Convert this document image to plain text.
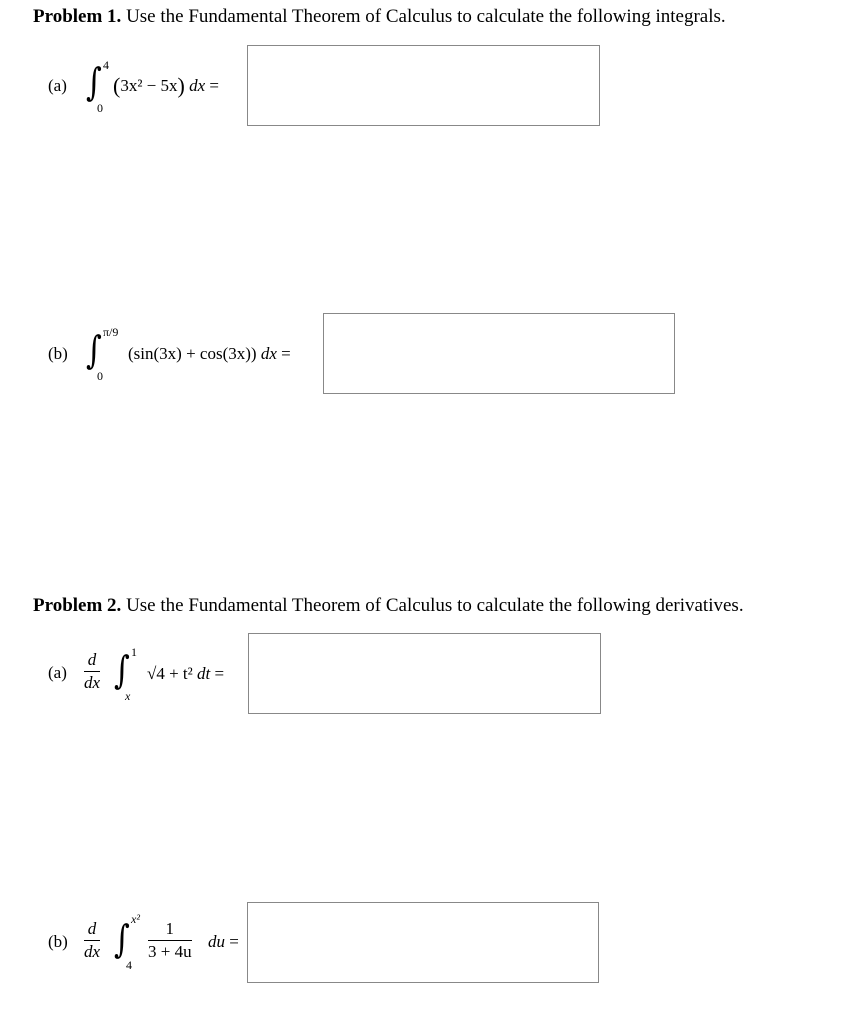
Problem 1. Use the Fundamental Theorem of Calculus to calculate the following integrals.
(a) ∫ 4
0
(3x² − 5x) dx =
(b) ∫ π/9
0
(sin(3x) + cos(3x)) dx =
Problem 2. Use the Fundamental Theorem of Calculus to calculate the following derivatives.
(a)
d
dx ∫ 1
x
√4 + t² dt =
(b)
d
dx ∫ x²
4
1
3 + 4u
du =
